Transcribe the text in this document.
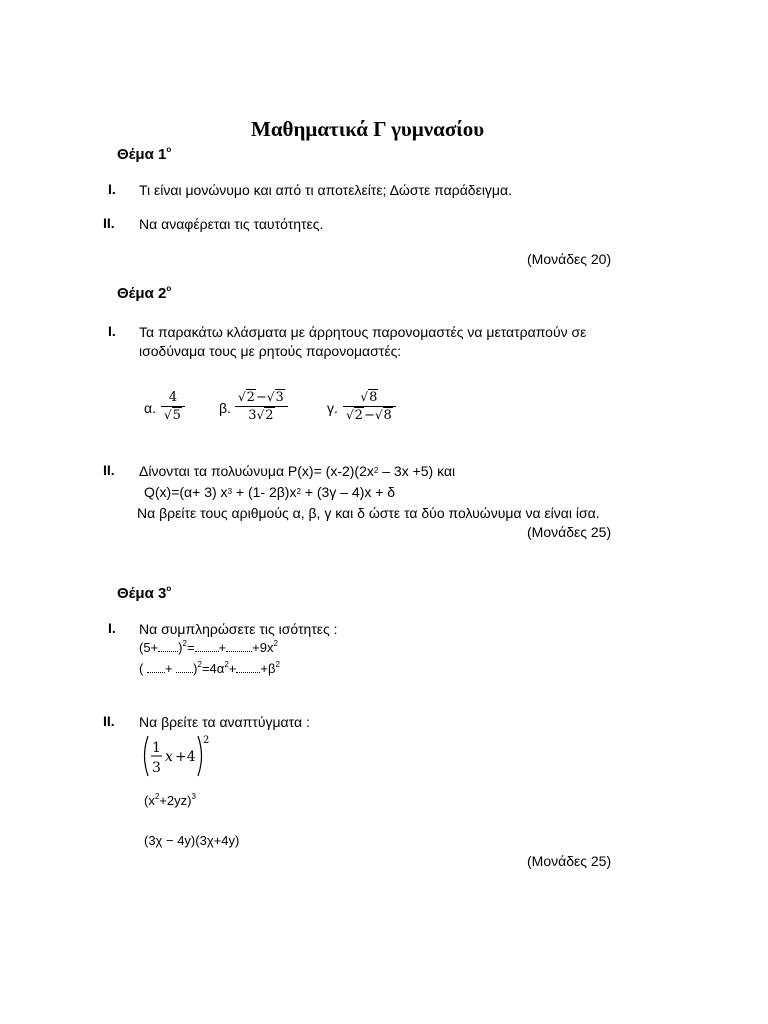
Μαθηματικά Γ γυμνασίου
Θέμα $1^o$
I. Τι είναι μονώνυμο και από τι αποτελείτε; Δώστε παράδειγμα.
II. Να αναφέρεται τις ταυτότητες.
(Μονάδες 20)
Θέμα $2^o$
I. Τα παρακάτω κλάσματα με άρρητους παρονομαστές να μετατραπούν σε
ισοδύναμα τους με ρητούς παρονομαστές:
α. $\frac{4}{√5} \beta$. $\frac{√2-√3}{3√2}$	γ. $\frac{√8}{√2-√8}$
II. Δίνονται τα πολυώνυμα $P(x)= (x-2)(2x^2 - 3x +5)$ και
Q(x)=(α+ 3) $x^3 + (1-$ $2\beta)x^2 + (3\gamma - 4)x + \delta$
Να βρείτε τους αριθμούς α, β, γ και δ ώστε τα δύο πολυώνυμα να είναι ίσα.
(Μονάδες 25)
Θέμα $3^o$
I. Να συμπληρώσετε τις ισότητες :
$(5+ )^2= + +9x^2$
( + )$^2=4\alpha^2+ +\beta^2$
II. Να βρείτε τα αναπτύγματα :
1
3
x +4
2
$(x^2+2yz)^3$
(3χ − 4y)(3χ+4y)
(Μονάδες 25)
